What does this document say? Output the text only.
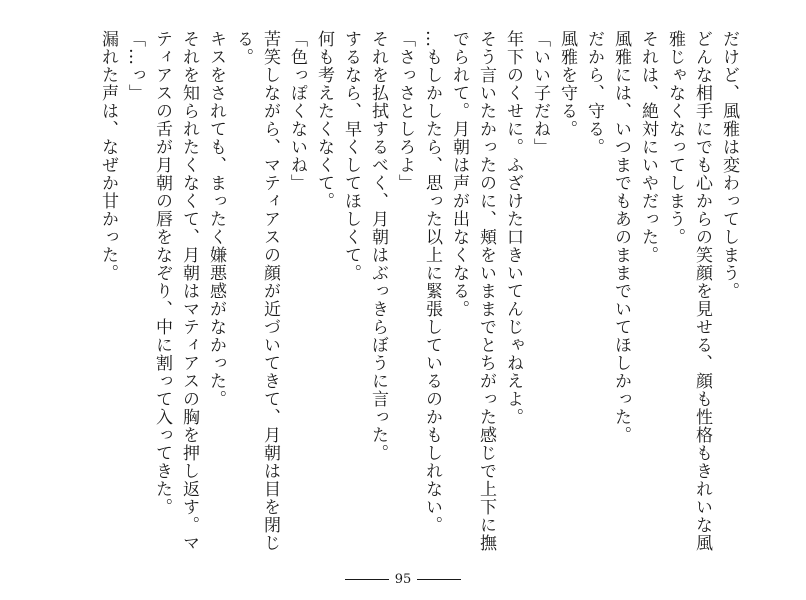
だけど、風雅は変わってしまう。
どんな相手にでも心からの笑顔を見せる、顔も性格もきれいな風
雅じゃなくなってしまう。
それは、絶対にいやだった。
風雅には、いつまでもあのままでいてほしかった。
だから、守る。
風雅を守る。
「いい子だね」
年下のくせに。ふざけた口きいてんじゃねえよ。
そう言いたかったのに、頬をいままでとちがった感じで上下に撫
でられて。月朝は声が出なくなる。
…もしかしたら、思った以上に緊張しているのかもしれない。
「さっさとしろよ」
それを払拭するべく、月朝はぶっきらぼうに言った。
するなら、早くしてほしくて。
何も考えたくなくて。
「色っぽくないね」
苦笑しながら、マティアスの顔が近づいてきて、月朝は目を閉じ
る。
キスをされても、まったく嫌悪感がなかった。
それを知られたくなくて、月朝はマティアスの胸を押し返す。マ
ティアスの舌が月朝の唇をなぞり、中に割って入ってきた。
「…っ」
漏れた声は、なぜか甘かった。
95
